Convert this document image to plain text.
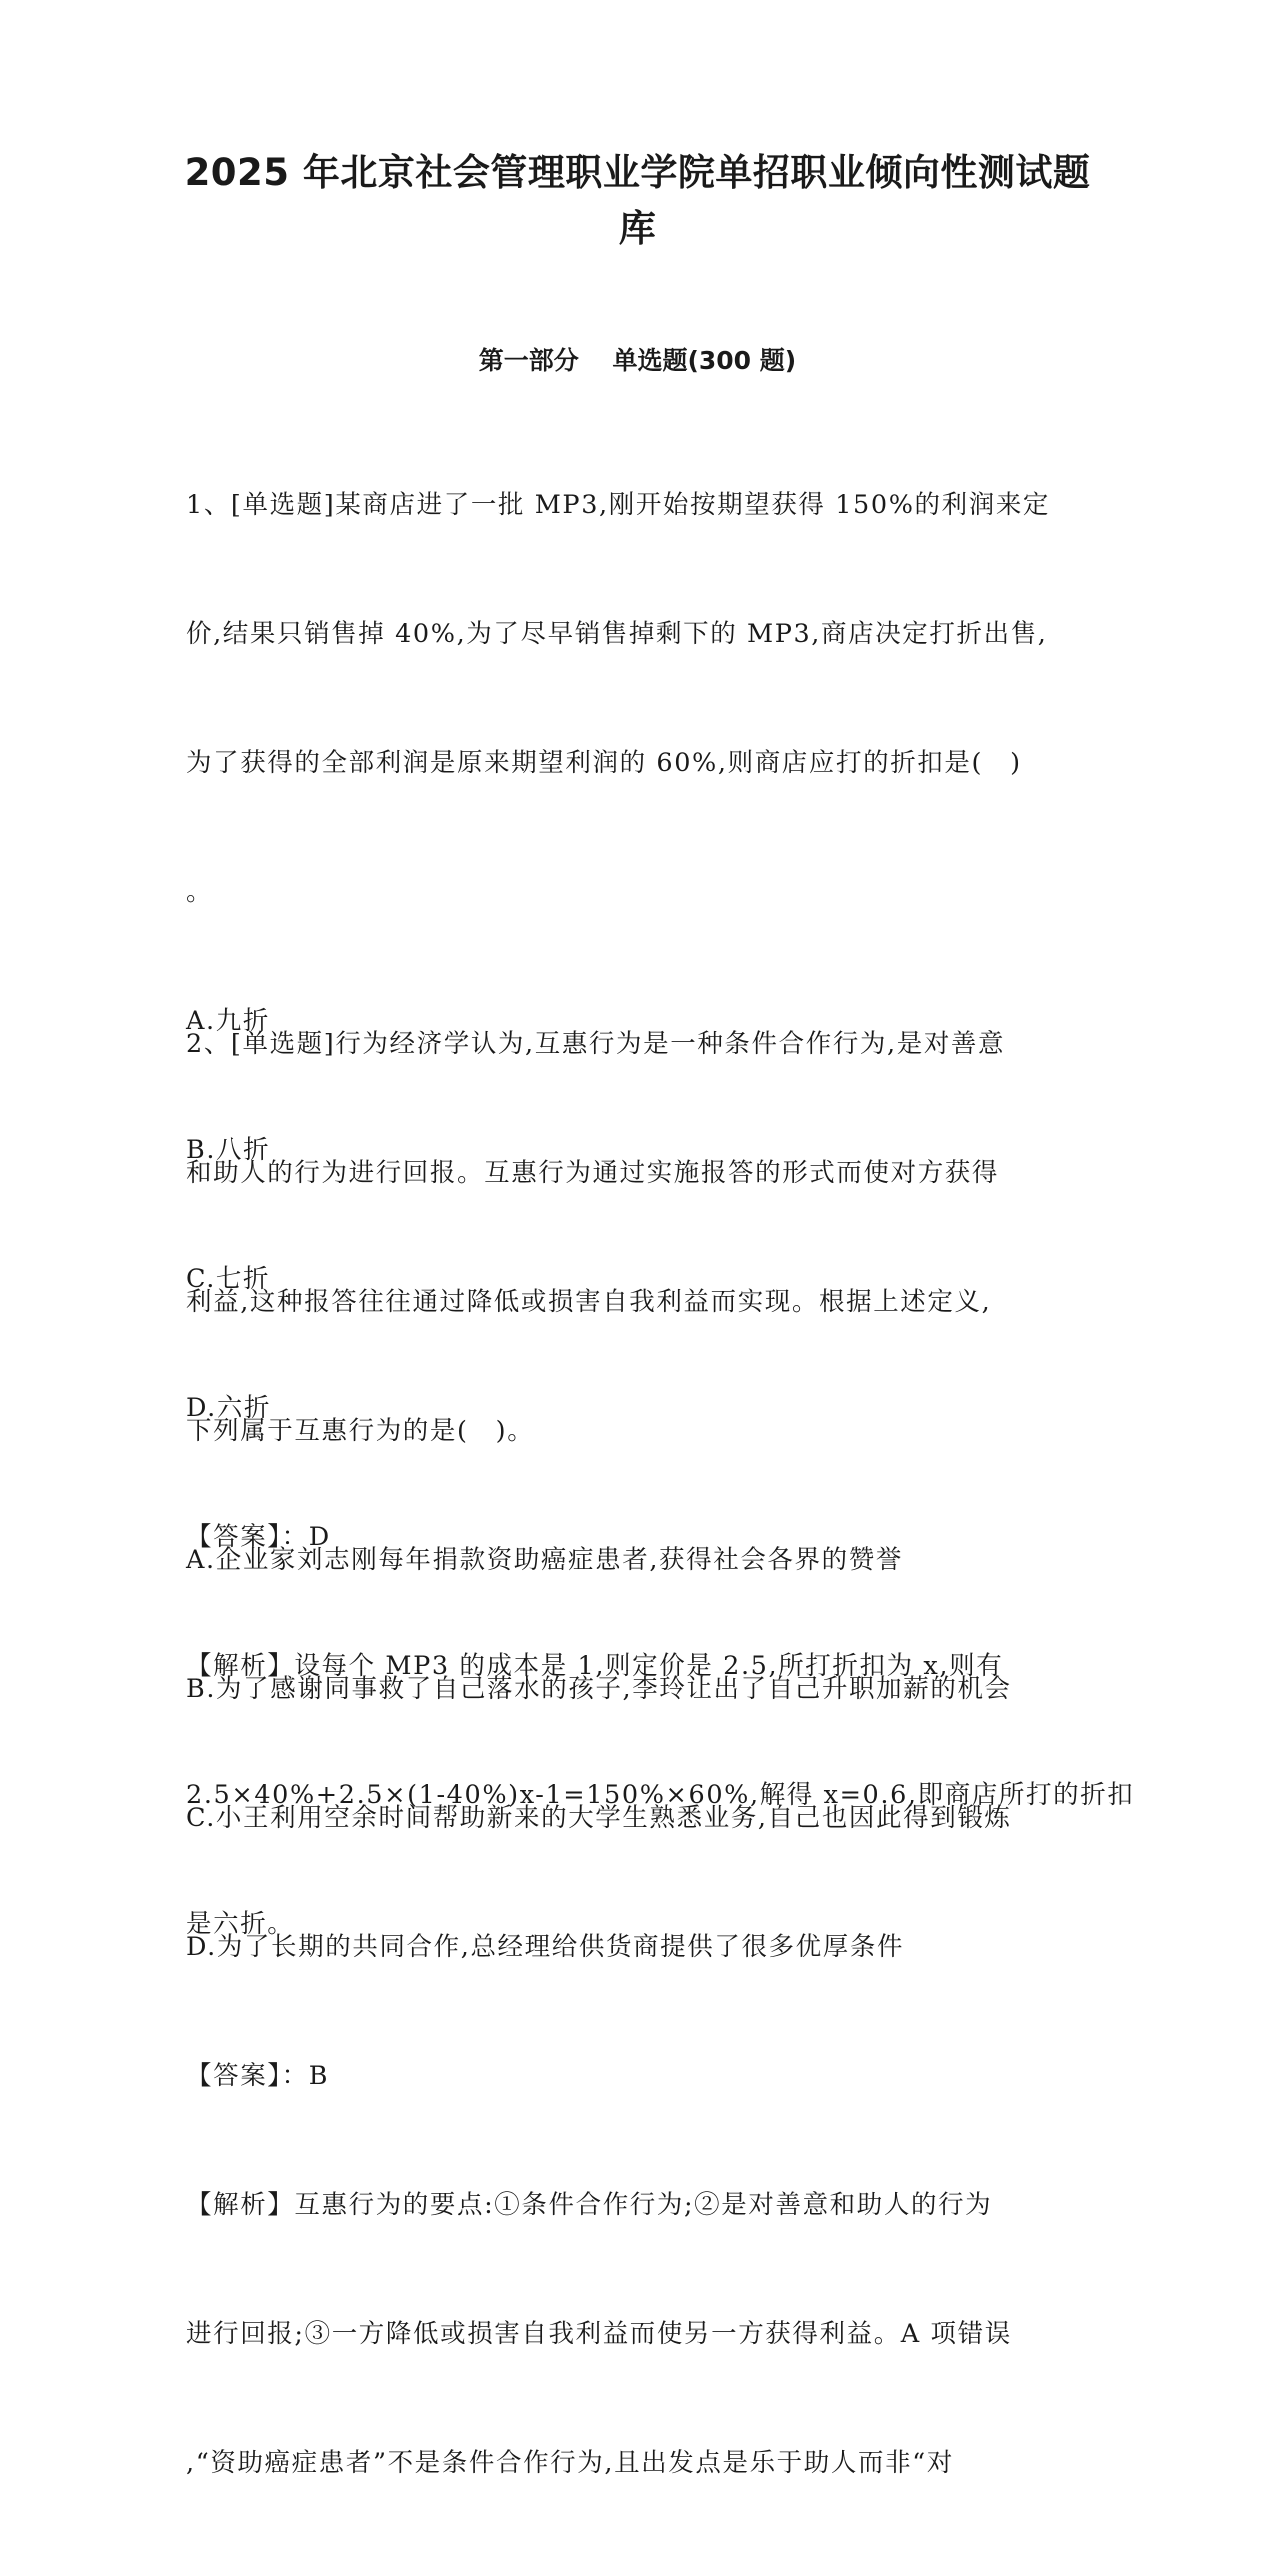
2025 年北京社会管理职业学院单招职业倾向性测试题库
第一部分　 单选题(300 题)

1、[单选题]某商店进了一批 MP3,刚开始按期望获得 150%的利润来定

价,结果只销售掉 40%,为了尽早销售掉剩下的 MP3,商店决定打折出售,

为了获得的全部利润是原来期望利润的 60%,则商店应打的折扣是(　)

。

A.九折

B.八折

C.七折

D.六折

【答案】：D

【解析】设每个 MP3 的成本是 1,则定价是 2.5,所打折扣为 x,则有

2.5×40%+2.5×(1-40%)x-1=150%×60%,解得 x=0.6,即商店所打的折扣

是六折。

2、[单选题]行为经济学认为,互惠行为是一种条件合作行为,是对善意

和助人的行为进行回报。互惠行为通过实施报答的形式而使对方获得

利益,这种报答往往通过降低或损害自我利益而实现。根据上述定义,

下列属于互惠行为的是(　)。

A.企业家刘志刚每年捐款资助癌症患者,获得社会各界的赞誉

B.为了感谢同事救了自己落水的孩子,李玲让出了自己升职加薪的机会

C.小王利用空余时间帮助新来的大学生熟悉业务,自己也因此得到锻炼

D.为了长期的共同合作,总经理给供货商提供了很多优厚条件

【答案】：B

【解析】互惠行为的要点:①条件合作行为;②是对善意和助人的行为

进行回报;③一方降低或损害自我利益而使另一方获得利益。A 项错误

,“资助癌症患者”不是条件合作行为,且出发点是乐于助人而非“对
